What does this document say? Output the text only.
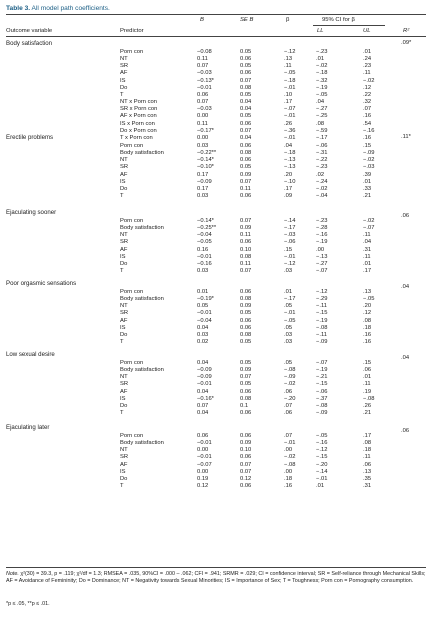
Table 3. All model path coefficients.
B	SE B	β	95% CI for β
Outcome variable	Predictor	LL	UL	R²
Body satisfaction	.09*
Porn con	−0.08	0.05	−.12	−.23	.01
NT	0.11	0.06	.13	.01	.24
SR	0.07	0.05	.11	−.02	.23
AF	−0.03	0.06	−.05	−.18	.11
IS	−0.13*	0.07	−.18	−.32	−.02
Do	−0.01	0.08	−.01	−.19	.12
T	0.06	0.05	.10	−.05	.22
NT x Porn con	0.07	0.04	.17	.04	.32
SR x Porn con	−0.03	0.04	−.07	−.27	.07
AF x Porn con	0.00	0.05	−.01	−.25	.16
IS x Porn con	0.11	0.06	.26	.08	.54
Do x Porn con	−0.17*	0.07	−.36	−.59	−.16
T x Porn con	0.00	0.04	−.01	−.17	.16
Erectile problems	.11*
Porn con	0.03	0.06	.04	−.06	.15
Body satisfaction	−0.22**	0.08	−.18	−.31	−.09
NT	−0.14*	0.06	−.13	−.22	−.02
SR	−0.10*	0.05	−.13	−.23	−.03
AF	0.17	0.09	.20	.02	.39
IS	−0.09	0.07	−.10	−.24	.01
Do	0.17	0.11	.17	−.02	.33
T	0.03	0.06	.09	−.04	.21
Ejaculating sooner	.06
Porn con	−0.14*	0.07	−.14	−.23	−.02
Body satisfaction	−0.25**	0.09	−.17	−.28	−.07
NT	−0.04	0.11	−.03	−.16	.11
SR	−0.05	0.06	−.06	−.19	.04
AF	0.16	0.10	.15	.00	.31
IS	−0.01	0.08	−.01	−.13	.11
Do	−0.16	0.11	−.12	−.27	.01
T	0.03	0.07	.03	−.07	.17
Poor orgasmic sensations	.04
Porn con	0.01	0.06	.01	−.12	.13
Body satisfaction	−0.19*	0.08	−.17	−.29	−.05
NT	0.05	0.09	.05	−.11	.20
SR	−0.01	0.05	−.01	−.15	.12
AF	−0.04	0.06	−.05	−.19	.08
IS	0.04	0.06	.05	−.08	.18
Do	0.03	0.08	.03	−.11	.16
T	0.02	0.05	.03	−.09	.16
Low sexual desire	.04
Porn con	0.04	0.05	.05	−.07	.15
Body satisfaction	−0.09	0.09	−.08	−.19	.06
NT	−0.09	0.07	−.09	−.21	.01
SR	−0.01	0.05	−.02	−.15	.11
AF	0.04	0.06	.06	−.06	.19
IS	−0.16*	0.08	−.20	−.37	−.08
Do	0.07	0.1	.07	−.08	.26
T	0.04	0.06	.06	−.09	.21
Ejaculating later	.06
Porn con	0.06	0.06	.07	−.05	.17
Body satisfaction	−0.01	0.09	−.01	−.16	.08
NT	0.00	0.10	.00	−.12	.18
SR	−0.01	0.06	−.02	−.15	.11
AF	−0.07	0.07	−.08	−.20	.06
IS	0.00	0.07	.00	−.14	.13
Do	0.19	0.12	.18	−.01	.35
T	0.12	0.06	.16	.01	.31
Note. χ²(30) = 39.3, p = .119; χ²/df = 1.3; RMSEA = .035, 90%CI = .000 – .062; CFI = .941; SRMR = .029; CI = confidence interval; SR = Self-reliance through Mechanical Skills; AF = Avoidance of Femininity; Do = Dominance; NT = Negativity towards Sexual Minorities; IS = Importance of Sex; T = Toughness; Porn con = Pornography consumption.
*p ≤ .05, **p ≤ .01.
